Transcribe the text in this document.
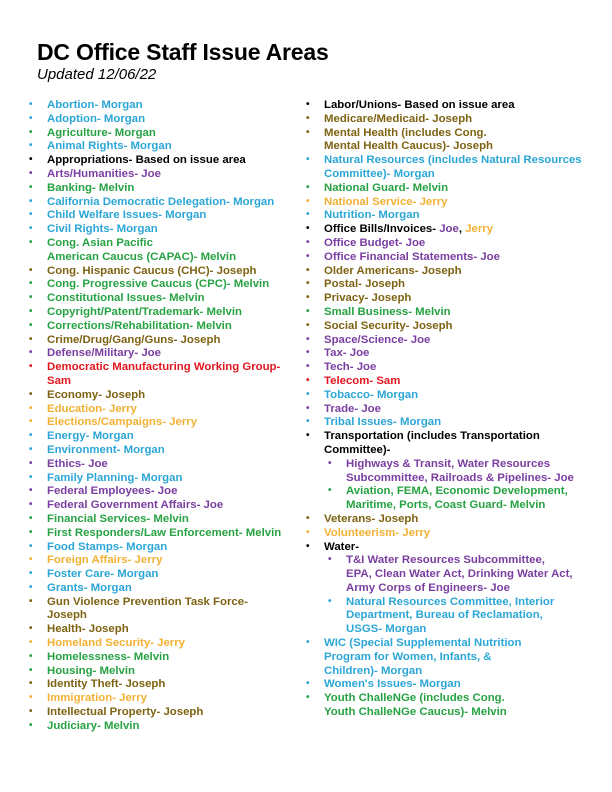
DC Office Staff Issue Areas
Updated 12/06/22
• Abortion- Morgan
• Adoption- Morgan
• Agriculture- Morgan
• Animal Rights- Morgan
• Appropriations- Based on issue area
• Arts/Humanities- Joe
• Banking- Melvin
• California Democratic Delegation- Morgan
• Child Welfare Issues- Morgan
• Civil Rights- Morgan
• Cong. Asian Pacific
American Caucus (CAPAC)- Melvin
• Cong. Hispanic Caucus (CHC)- Joseph
• Cong. Progressive Caucus (CPC)- Melvin
• Constitutional Issues- Melvin
• Copyright/Patent/Trademark- Melvin
• Corrections/Rehabilitation- Melvin
• Crime/Drug/Gang/Guns- Joseph
• Defense/Military- Joe
• Democratic Manufacturing Working Group-
Sam
• Economy- Joseph
• Education- Jerry
• Elections/Campaigns- Jerry
• Energy- Morgan
• Environment- Morgan
• Ethics- Joe
• Family Planning- Morgan
• Federal Employees- Joe
• Federal Government Affairs- Joe
• Financial Services- Melvin
• First Responders/Law Enforcement- Melvin
• Food Stamps- Morgan
• Foreign Affairs- Jerry
• Foster Care- Morgan
• Grants- Morgan
• Gun Violence Prevention Task Force-
Joseph
• Health- Joseph
• Homeland Security- Jerry
• Homelessness- Melvin
• Housing- Melvin
• Identity Theft- Joseph
• Immigration- Jerry
• Intellectual Property- Joseph
• Judiciary- Melvin
• Labor/Unions- Based on issue area
• Medicare/Medicaid- Joseph
• Mental Health (includes Cong.
Mental Health Caucus)- Joseph
• Natural Resources (includes Natural Resources
Committee)- Morgan
• National Guard- Melvin
• National Service- Jerry
• Nutrition- Morgan
• Office Bills/Invoices- Joe, Jerry
• Office Budget- Joe
• Office Financial Statements- Joe
• Older Americans- Joseph
• Postal- Joseph
• Privacy- Joseph
• Small Business- Melvin
• Social Security- Joseph
• Space/Science- Joe
• Tax- Joe
• Tech- Joe
• Telecom- Sam
• Tobacco- Morgan
• Trade- Joe
• Tribal Issues- Morgan
• Transportation (includes Transportation
Committee)-
• Highways & Transit, Water Resources
Subcommittee, Railroads & Pipelines- Joe
• Aviation, FEMA, Economic Development,
Maritime, Ports, Coast Guard- Melvin
• Veterans- Joseph
• Volunteerism- Jerry
• Water-
• T&I Water Resources Subcommittee,
EPA, Clean Water Act, Drinking Water Act,
Army Corps of Engineers- Joe
• Natural Resources Committee, Interior
Department, Bureau of Reclamation,
USGS- Morgan
• WIC (Special Supplemental Nutrition
Program for Women, Infants, &
Children)- Morgan
• Women's Issues- Morgan
• Youth ChalleNGe (includes Cong.
Youth ChalleNGe Caucus)- Melvin
